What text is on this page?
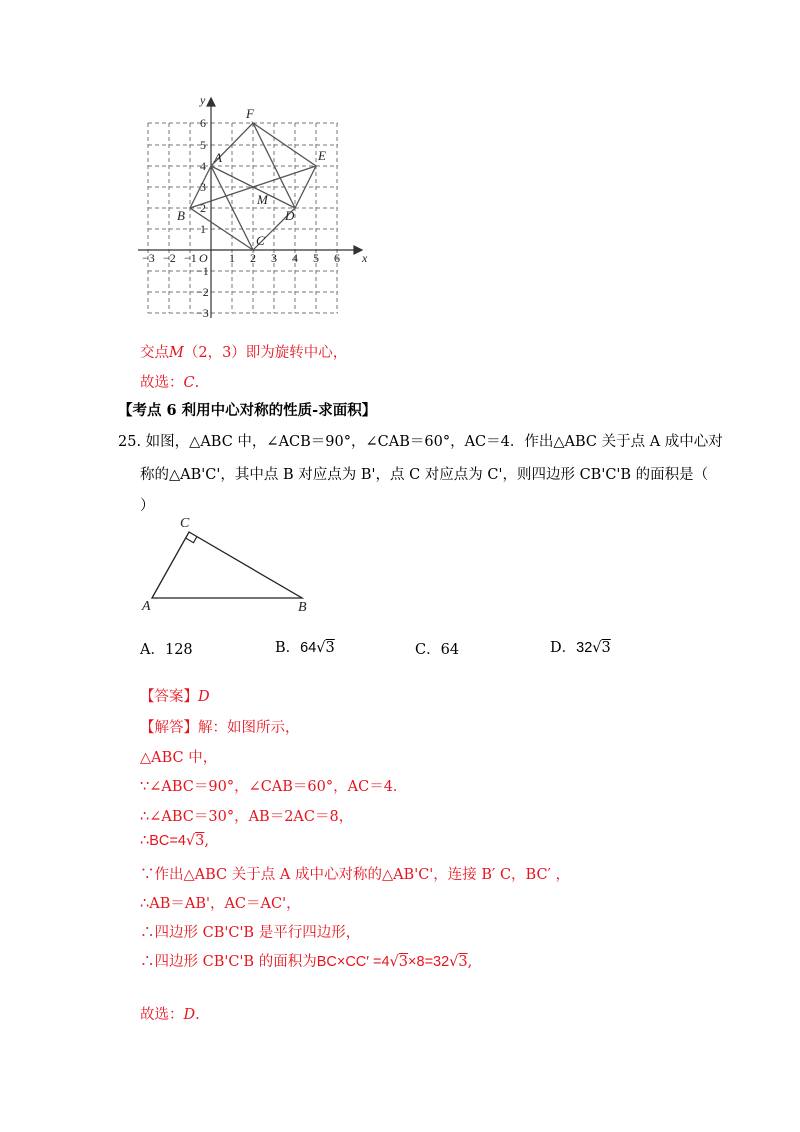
−3 −2 −1 O 1 2 3 4 5 6
6
5
4
3
2
1
−1
−2
−3
x
y
A
B
C
D
E
F
M
交点M（2，3）即为旋转中心，
故选：C.
【考点 6 利用中心对称的性质-求面积】
25. 如图，△ABC 中，∠ACB＝90°，∠CAB＝60°，AC＝4．作出△ABC 关于点 A 成中心对
称的△AB'C'，其中点 B 对应点为 B'，点 C 对应点为 C'，则四边形 CB'C'B 的面积是（
）
C
A	B
A．128	B．64√3	C．64	D．32√3
【答案】D
【解答】解：如图所示，
△ABC 中，
∵∠ABC＝90°，∠CAB＝60°，AC＝4．
∴∠ABC＝30°，AB＝2AC＝8，
∴BC=4√3,
∵作出△ABC 关于点 A 成中心对称的△AB'C'，连接 B′ C，BC′ ，
∴AB＝AB'，AC＝AC'，
∴四边形 CB'C'B 是平行四边形，
∴四边形 CB'C'B 的面积为BC×CC′ =4√3×8=32√3,
故选：D.
